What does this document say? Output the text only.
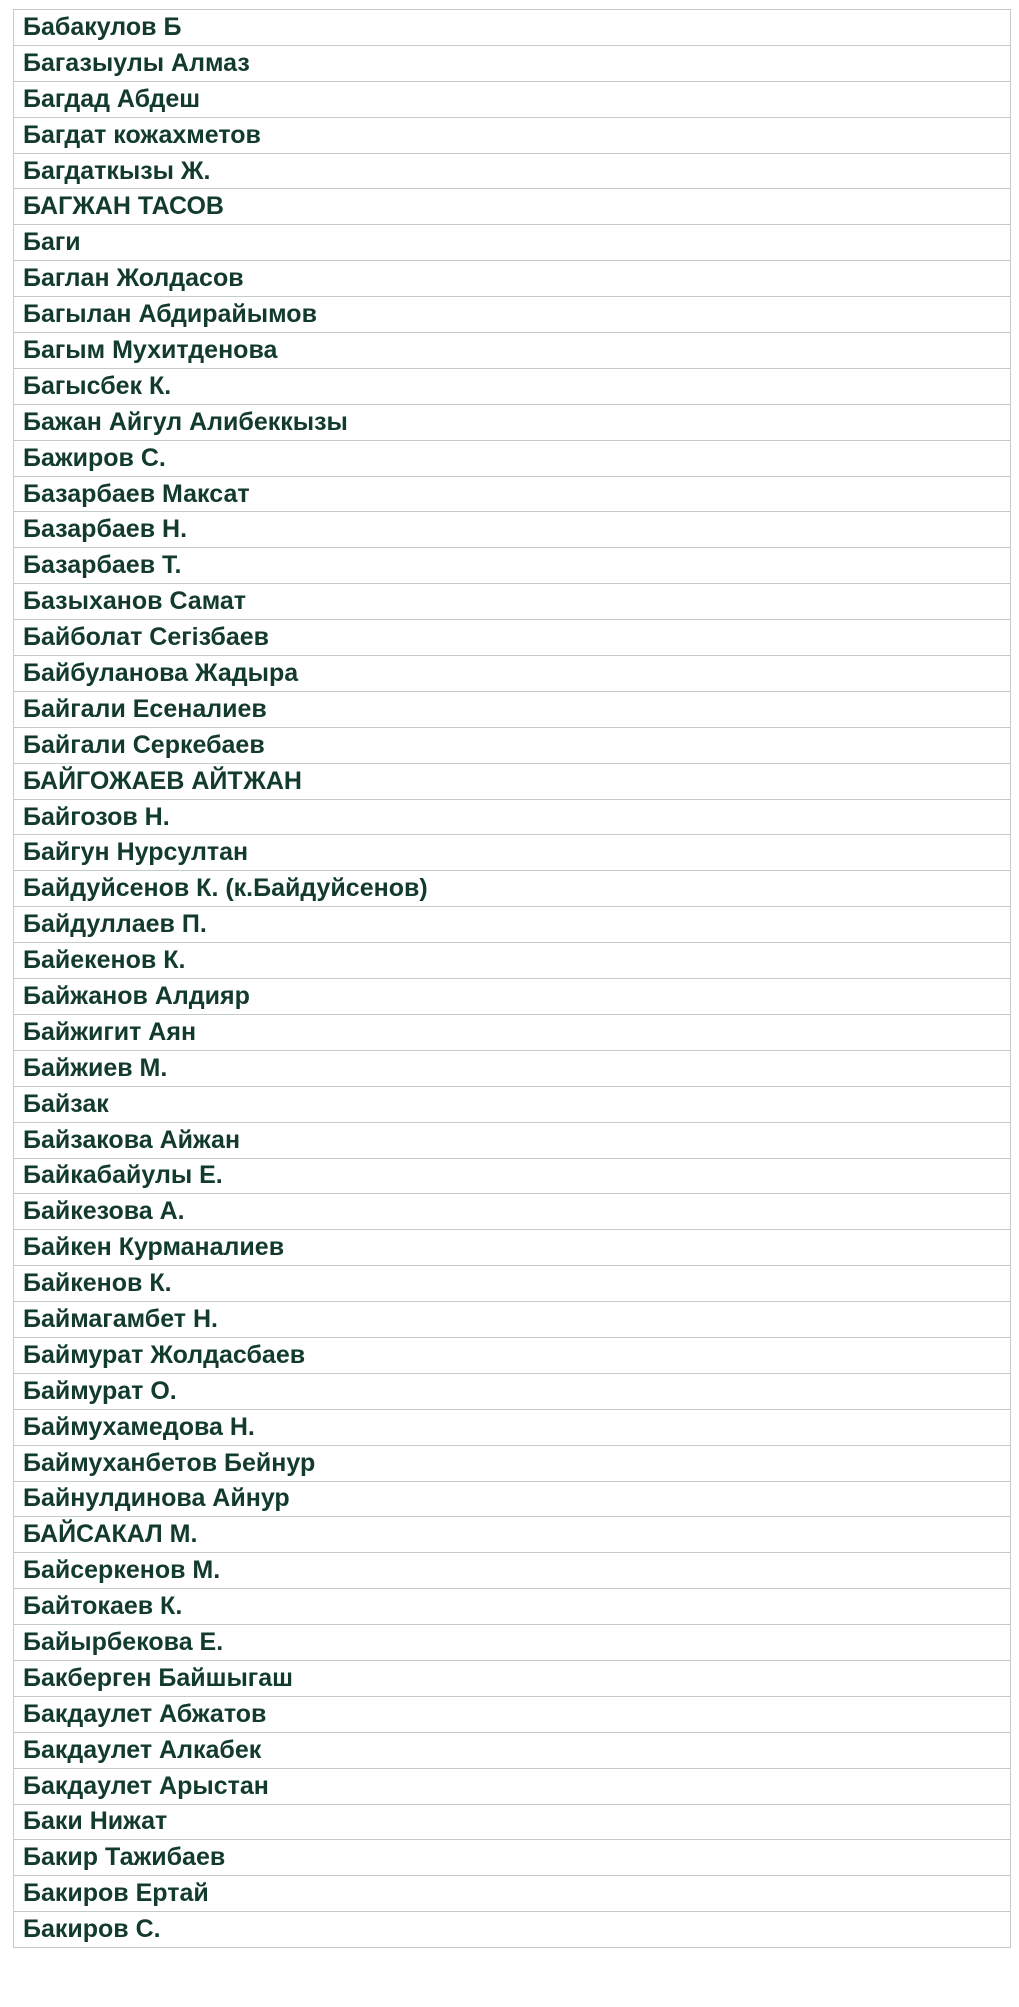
Бабакулов Б
Багазыулы Алмаз
Багдад Абдеш
Багдат кожахметов
Багдаткызы Ж.
БАГЖАН ТАСОВ
Баги
Баглан Жолдасов
Багылан Абдирайымов
Багым Мухитденова
Багысбек К.
Бажан Айгул Алибеккызы
Бажиров С.
Базарбаев Максат
Базарбаев Н.
Базарбаев Т.
Базыханов Самат
Байболат Сегізбаев
Байбуланова Жадыра
Байгали Есеналиев
Байгали Серкебаев
БАЙГОЖАЕВ АЙТЖАН
Байгозов Н.
Байгун Нурсултан
Байдуйсенов К. (к.Байдуйсенов)
Байдуллаев П.
Байекенов К.
Байжанов Алдияр
Байжигит Аян
Байжиев М.
Байзак
Байзакова Айжан
Байкабайулы Е.
Байкезова А.
Байкен Курманалиев
Байкенов К.
Баймагамбет Н.
Баймурат Жолдасбаев
Баймурат О.
Баймухамедова Н.
Баймуханбетов Бейнур
Байнулдинова Айнур
БАЙСАКАЛ М.
Байсеркенов М.
Байтокаев К.
Байырбекова Е.
Бакберген Байшыгаш
Бакдаулет Абжатов
Бакдаулет Алкабек
Бакдаулет Арыстан
Баки Нижат
Бакир Тажибаев
Бакиров Ертай
Бакиров С.
